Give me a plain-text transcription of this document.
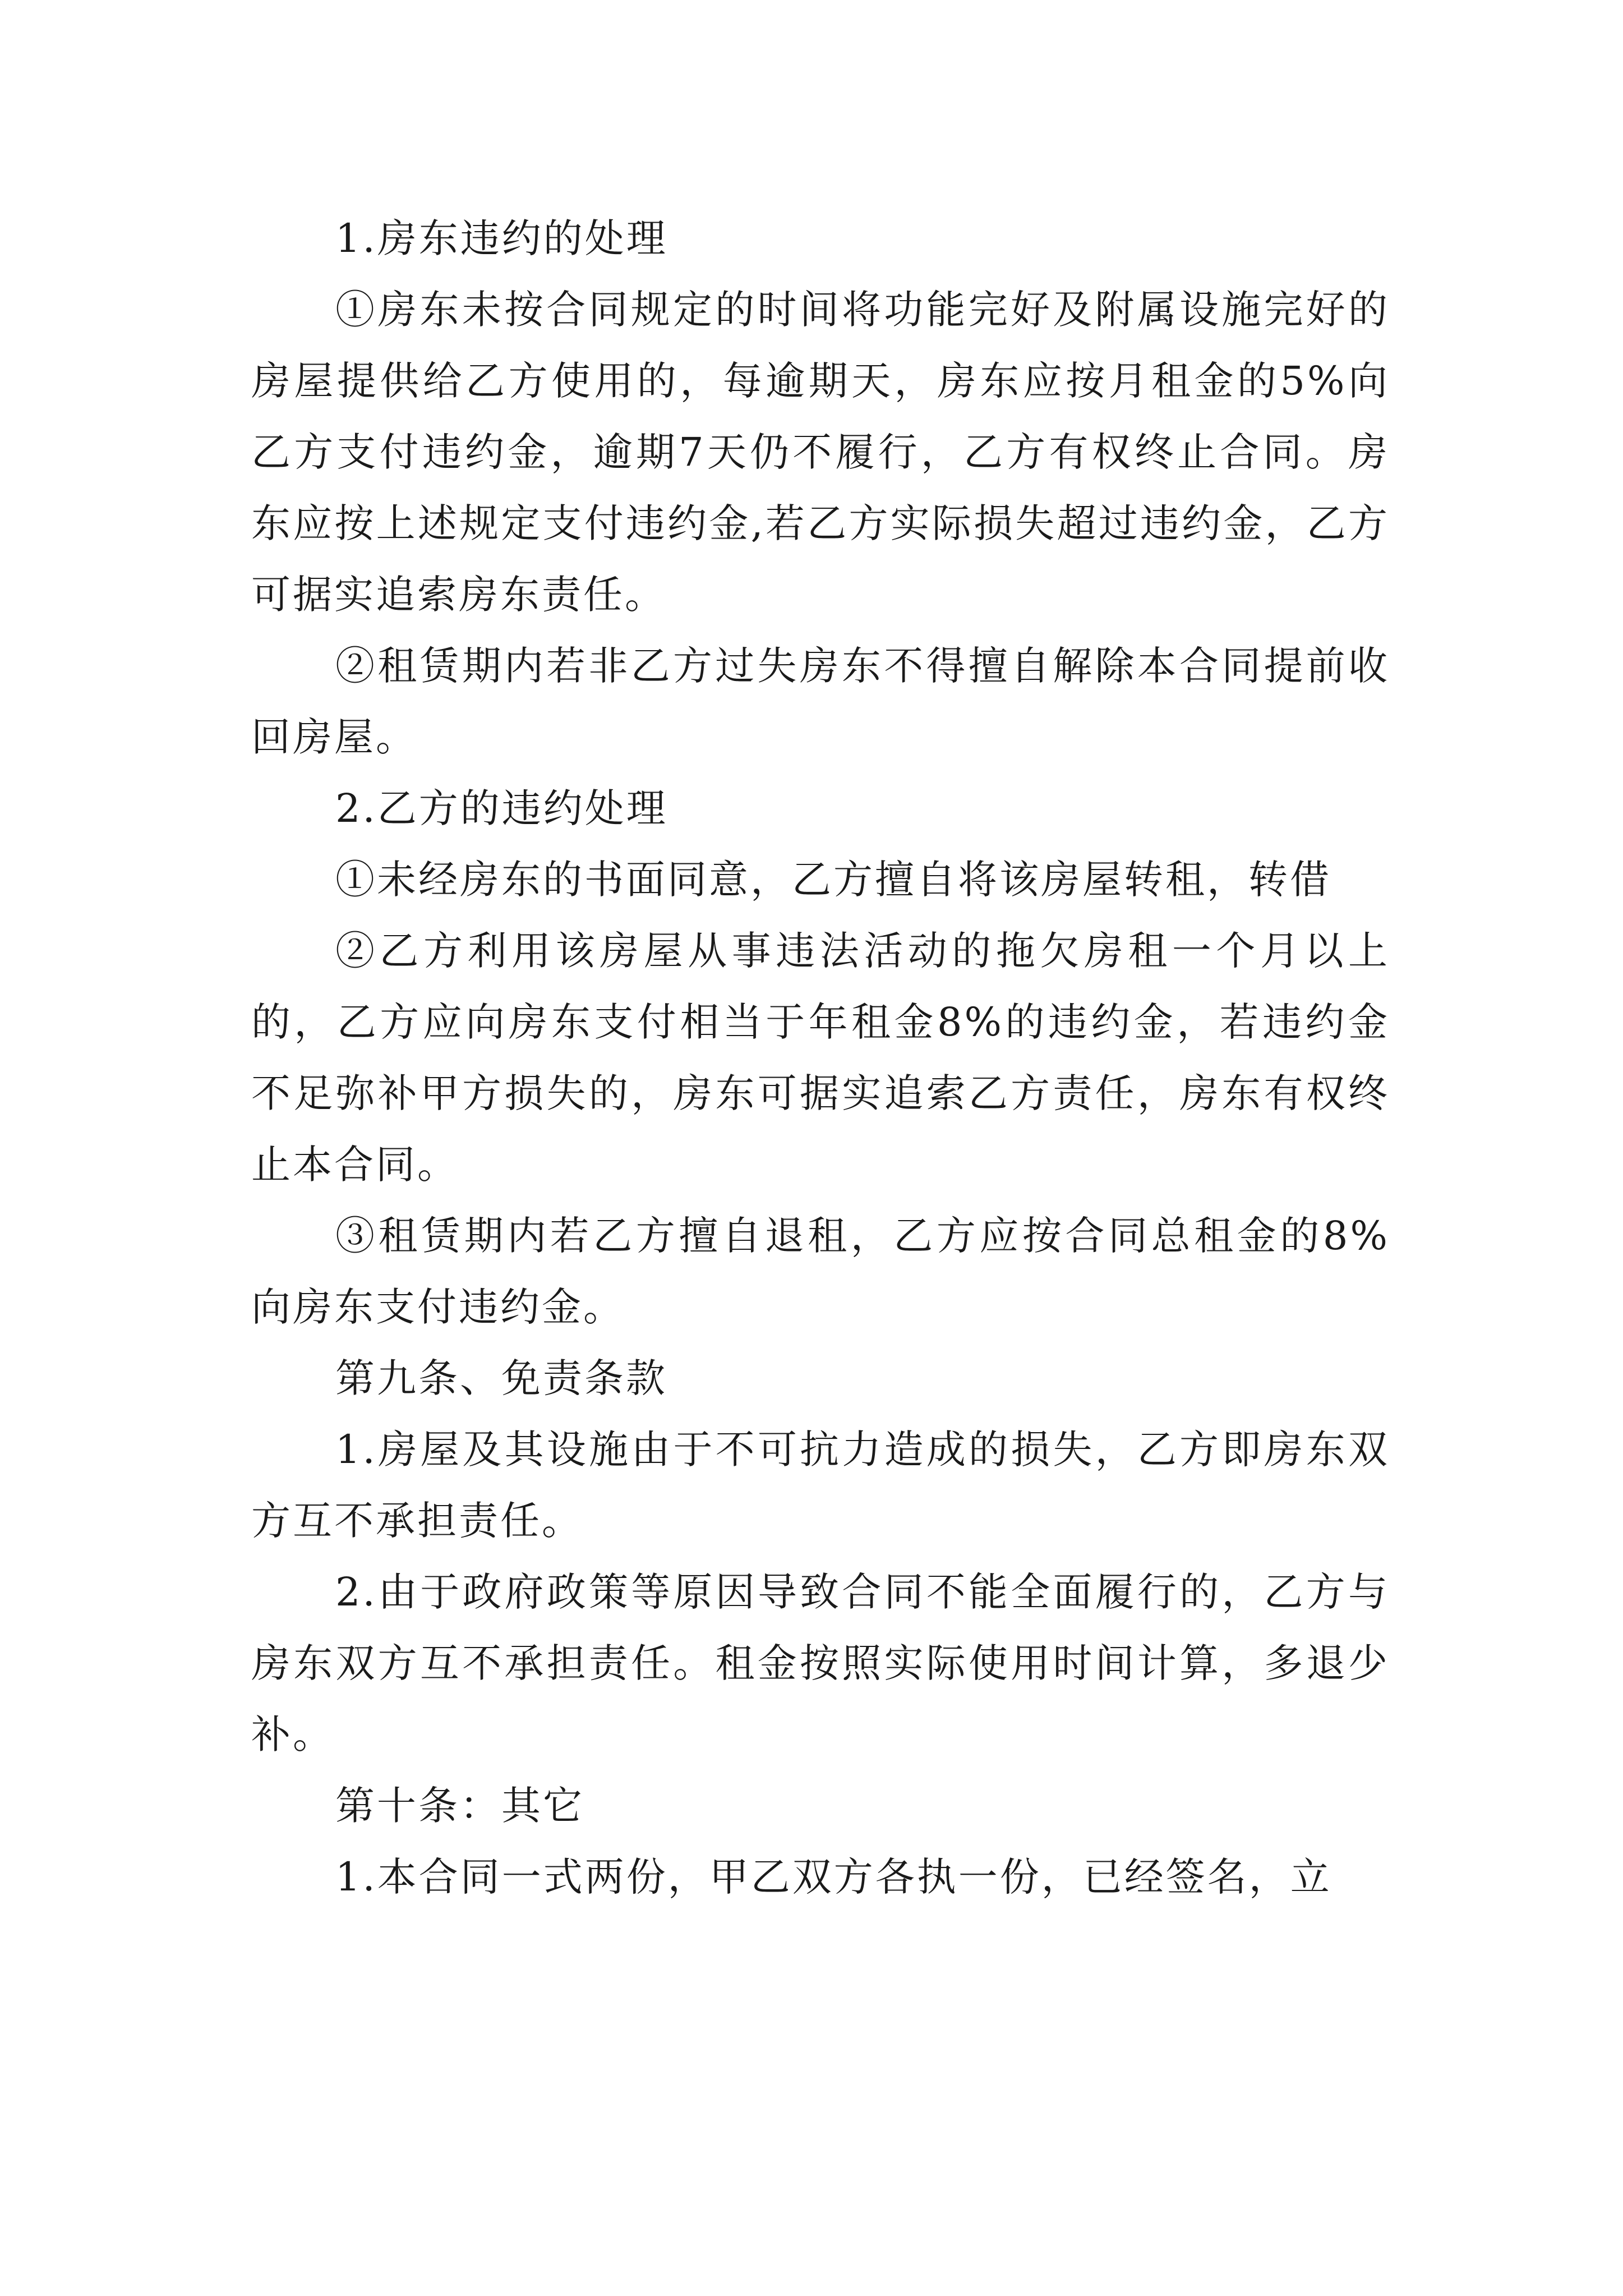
1.房东违约的处理

①房东未按合同规定的时间将功能完好及附属设施完好的房屋提供给乙方使用的，每逾期天，房东应按月租金的5%向乙方支付违约金，逾期7天仍不履行，乙方有权终止合同。房东应按上述规定支付违约金,若乙方实际损失超过违约金，乙方可据实追索房东责任。

②租赁期内若非乙方过失房东不得擅自解除本合同提前收回房屋。

2.乙方的违约处理

①未经房东的书面同意，乙方擅自将该房屋转租，转借

②乙方利用该房屋从事违法活动的拖欠房租一个月以上的，乙方应向房东支付相当于年租金8%的违约金，若违约金不足弥补甲方损失的，房东可据实追索乙方责任，房东有权终止本合同。

③租赁期内若乙方擅自退租，乙方应按合同总租金的8%向房东支付违约金。

第九条、免责条款

1.房屋及其设施由于不可抗力造成的损失，乙方即房东双方互不承担责任。

2.由于政府政策等原因导致合同不能全面履行的，乙方与房东双方互不承担责任。租金按照实际使用时间计算，多退少补。

第十条：其它

1.本合同一式两份，甲乙双方各执一份，已经签名，立
